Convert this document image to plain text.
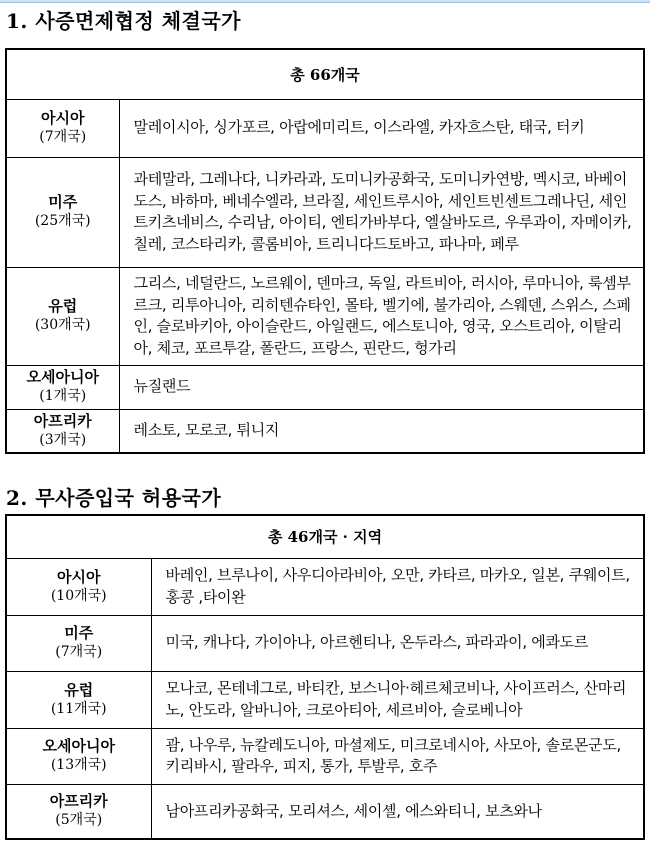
1. 사증면제협정 체결국가
총 66개국	

아시아
(7개국)	말레이시아, 싱가포르, 아랍에미리트, 이스라엘, 카자흐스탄, 태국, 터키

미주
(25개국)	과테말라, 그레나다, 니카라과, 도미니카공화국, 도미니카연방, 멕시코, 바베이도스, 바하마, 베네수엘라, 브라질, 세인트루시아, 세인트빈센트그레나딘, 세인트키츠네비스, 수리남, 아이티, 엔티가바부다, 엘살바도르, 우루과이, 자메이카, 칠레, 코스타리카, 콜롬비아, 트리니다드토바고, 파나마, 페루

유럽
(30개국)	그리스, 네덜란드, 노르웨이, 덴마크, 독일, 라트비아, 러시아, 루마니아, 룩셈부르크, 리투아니아, 리히텐슈타인, 몰타, 벨기에, 불가리아, 스웨덴, 스위스, 스페인, 슬로바키아, 아이슬란드, 아일랜드, 에스토니아, 영국, 오스트리아, 이탈리아, 체코, 포르투갈, 폴란드, 프랑스, 핀란드, 헝가리

오세아니아
(1개국)	뉴질랜드

아프리카
(3개국)	레소토, 모로코, 튀니지
2. 무사증입국 허용국가
총 46개국 · 지역	

아시아
(10개국)	바레인, 브루나이, 사우디아라비아, 오만, 카타르, 마카오, 일본, 쿠웨이트, 홍콩 ,타이완

미주
(7개국)	미국, 캐나다, 가이아나, 아르헨티나, 온두라스, 파라과이, 에콰도르

유럽
(11개국)	모나코, 몬테네그로, 바티칸, 보스니아·헤르체코비나, 사이프러스, 산마리노, 안도라, 알바니아, 크로아티아, 세르비아, 슬로베니아

오세아니아
(13개국)	괌, 나우루, 뉴칼레도니아, 마셜제도, 미크로네시아, 사모아, 솔로몬군도, 키리바시, 팔라우, 피지, 통가, 투발루, 호주

아프리카
(5개국)	남아프리카공화국, 모리셔스, 세이셸, 에스와티니, 보츠와나
